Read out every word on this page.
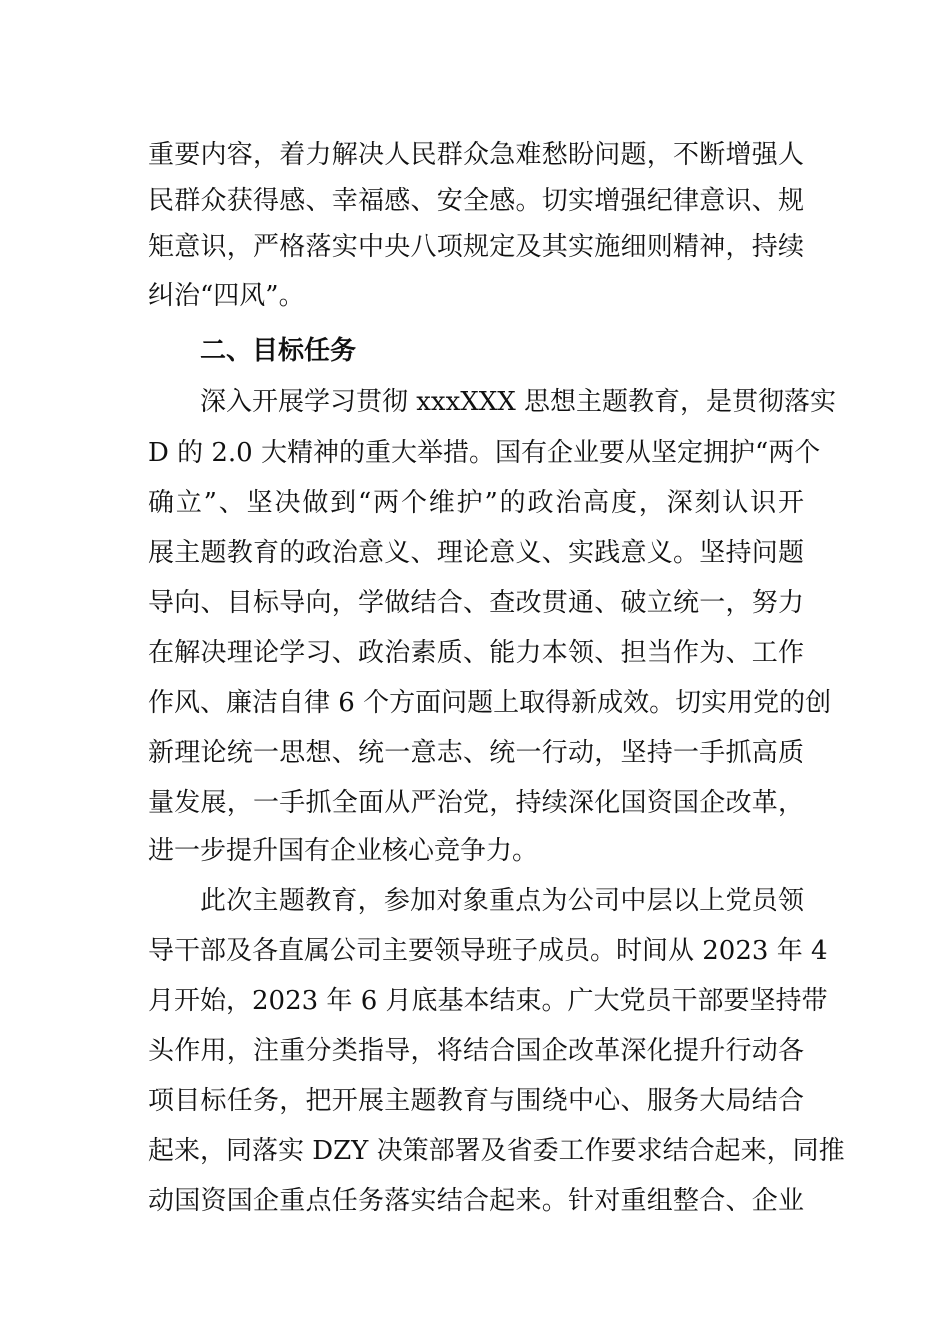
重要内容，着力解决人民群众急难愁盼问题，不断增强人
民群众获得感、幸福感、安全感。切实增强纪律意识、规
矩意识，严格落实中央八项规定及其实施细则精神，持续
纠治“四风”。
二、目标任务
深入开展学习贯彻 xxxXXX 思想主题教育，是贯彻落实
D 的 2.0 大精神的重大举措。国有企业要从坚定拥护“两个
确立”、坚决做到“两个维护”的政治高度，深刻认识开
展主题教育的政治意义、理论意义、实践意义。坚持问题
导向、目标导向，学做结合、查改贯通、破立统一，努力
在解决理论学习、政治素质、能力本领、担当作为、工作
作风、廉洁自律 6 个方面问题上取得新成效。切实用党的创
新理论统一思想、统一意志、统一行动，坚持一手抓高质
量发展，一手抓全面从严治党，持续深化国资国企改革，
进一步提升国有企业核心竞争力。
此次主题教育，参加对象重点为公司中层以上党员领
导干部及各直属公司主要领导班子成员。时间从 2023 年 4
月开始，2023 年 6 月底基本结束。广大党员干部要坚持带
头作用，注重分类指导，将结合国企改革深化提升行动各
项目标任务，把开展主题教育与围绕中心、服务大局结合
起来，同落实 DZY 决策部署及省委工作要求结合起来，同推
动国资国企重点任务落实结合起来。针对重组整合、企业
